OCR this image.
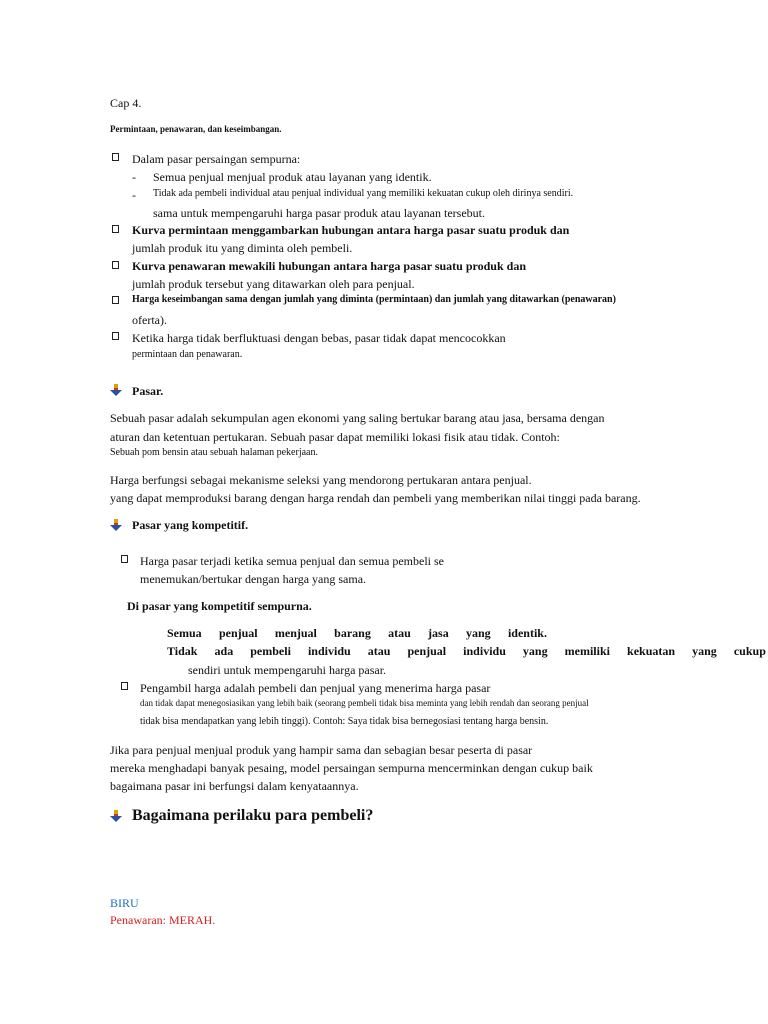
Cap 4.
Permintaan, penawaran, dan keseimbangan.
Dalam pasar persaingan sempurna:
- Semua penjual menjual produk atau layanan yang identik.
- Tidak ada pembeli individual atau penjual individual yang memiliki kekuatan cukup oleh dirinya sendiri.
sama untuk mempengaruhi harga pasar produk atau layanan tersebut.
Kurva permintaan menggambarkan hubungan antara harga pasar suatu produk dan
jumlah produk itu yang diminta oleh pembeli.
Kurva penawaran mewakili hubungan antara harga pasar suatu produk dan
jumlah produk tersebut yang ditawarkan oleh para penjual.
Harga keseimbangan sama dengan jumlah yang diminta (permintaan) dan jumlah yang ditawarkan (penawaran)
oferta).
Ketika harga tidak berfluktuasi dengan bebas, pasar tidak dapat mencocokkan
permintaan dan penawaran.
Pasar.
Sebuah pasar adalah sekumpulan agen ekonomi yang saling bertukar barang atau jasa, bersama dengan
aturan dan ketentuan pertukaran. Sebuah pasar dapat memiliki lokasi fisik atau tidak. Contoh:
Sebuah pom bensin atau sebuah halaman pekerjaan.
Harga berfungsi sebagai mekanisme seleksi yang mendorong pertukaran antara penjual.
yang dapat memproduksi barang dengan harga rendah dan pembeli yang memberikan nilai tinggi pada barang.
Pasar yang kompetitif.
Harga pasar terjadi ketika semua penjual dan semua pembeli se
menemukan/bertukar dengan harga yang sama.
Di pasar yang kompetitif sempurna.
Semua penjual menjual barang atau jasa yang identik.
Tidak ada pembeli individu atau penjual individu yang memiliki kekuatan yang cukup
sendiri untuk mempengaruhi harga pasar.
Pengambil harga adalah pembeli dan penjual yang menerima harga pasar
dan tidak dapat menegosiasikan yang lebih baik (seorang pembeli tidak bisa meminta yang lebih rendah dan seorang penjual
tidak bisa mendapatkan yang lebih tinggi). Contoh: Saya tidak bisa bernegosiasi tentang harga bensin.
Jika para penjual menjual produk yang hampir sama dan sebagian besar peserta di pasar
mereka menghadapi banyak pesaing, model persaingan sempurna mencerminkan dengan cukup baik
bagaimana pasar ini berfungsi dalam kenyataannya.
Bagaimana perilaku para pembeli?
BIRU
Penawaran: MERAH.
